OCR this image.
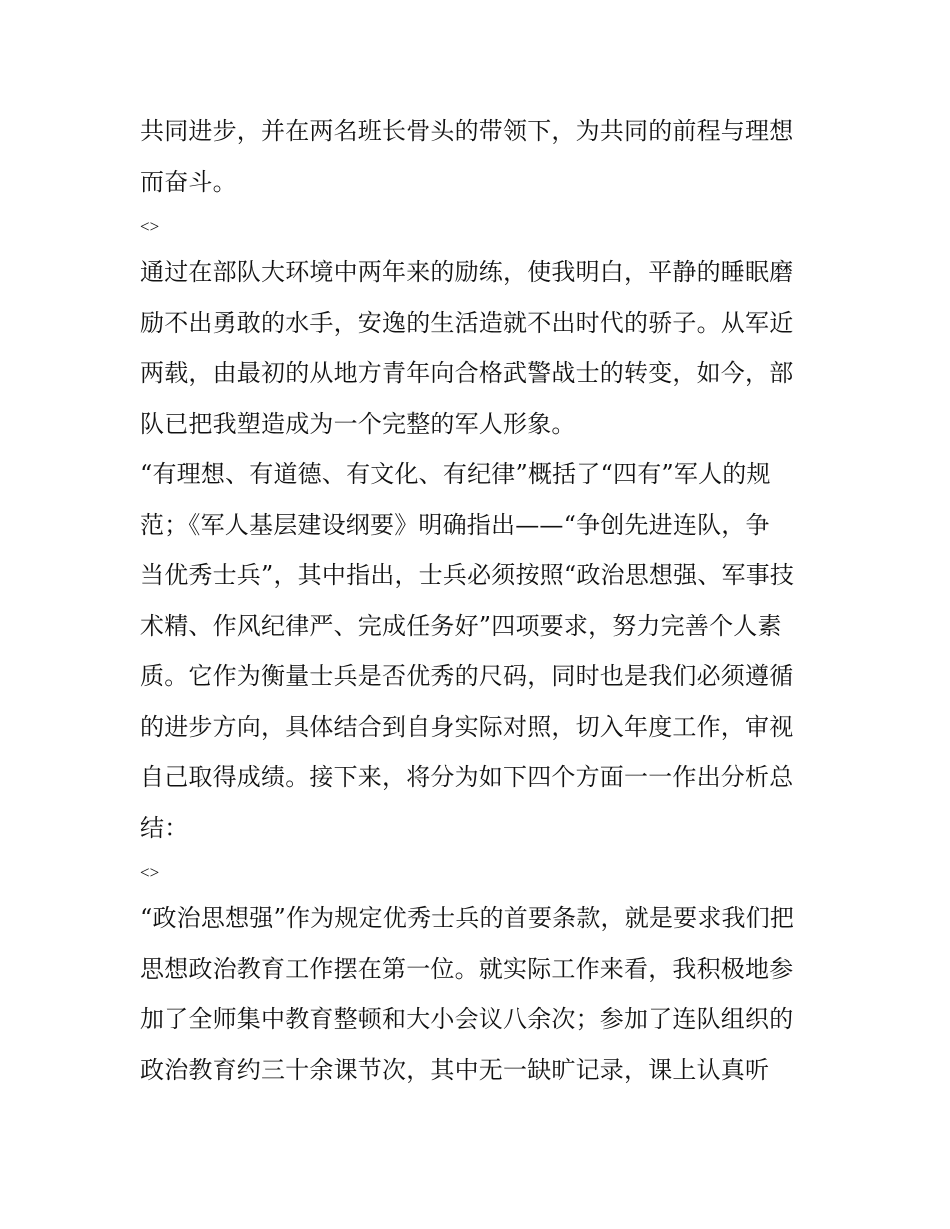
共同进步，并在两名班长骨头的带领下，为共同的前程与理想
而奋斗。

<>

通过在部队大环境中两年来的励练，使我明白，平静的睡眠磨
励不出勇敢的水手，安逸的生活造就不出时代的骄子。从军近
两载，由最初的从地方青年向合格武警战士的转变，如今，部
队已把我塑造成为一个完整的军人形象。

“有理想、有道德、有文化、有纪律”概括了“四有”军人的规
范；《军人基层建设纲要》明确指出——“争创先进连队，争
当优秀士兵”，其中指出，士兵必须按照“政治思想强、军事技
术精、作风纪律严、完成任务好”四项要求，努力完善个人素
质。它作为衡量士兵是否优秀的尺码，同时也是我们必须遵循
的进步方向，具体结合到自身实际对照，切入年度工作，审视
自己取得成绩。接下来，将分为如下四个方面一一作出分析总
结：

<>

“政治思想强”作为规定优秀士兵的首要条款，就是要求我们把
思想政治教育工作摆在第一位。就实际工作来看，我积极地参
加了全师集中教育整顿和大小会议八余次；参加了连队组织的
政治教育约三十余课节次，其中无一缺旷记录，课上认真听
